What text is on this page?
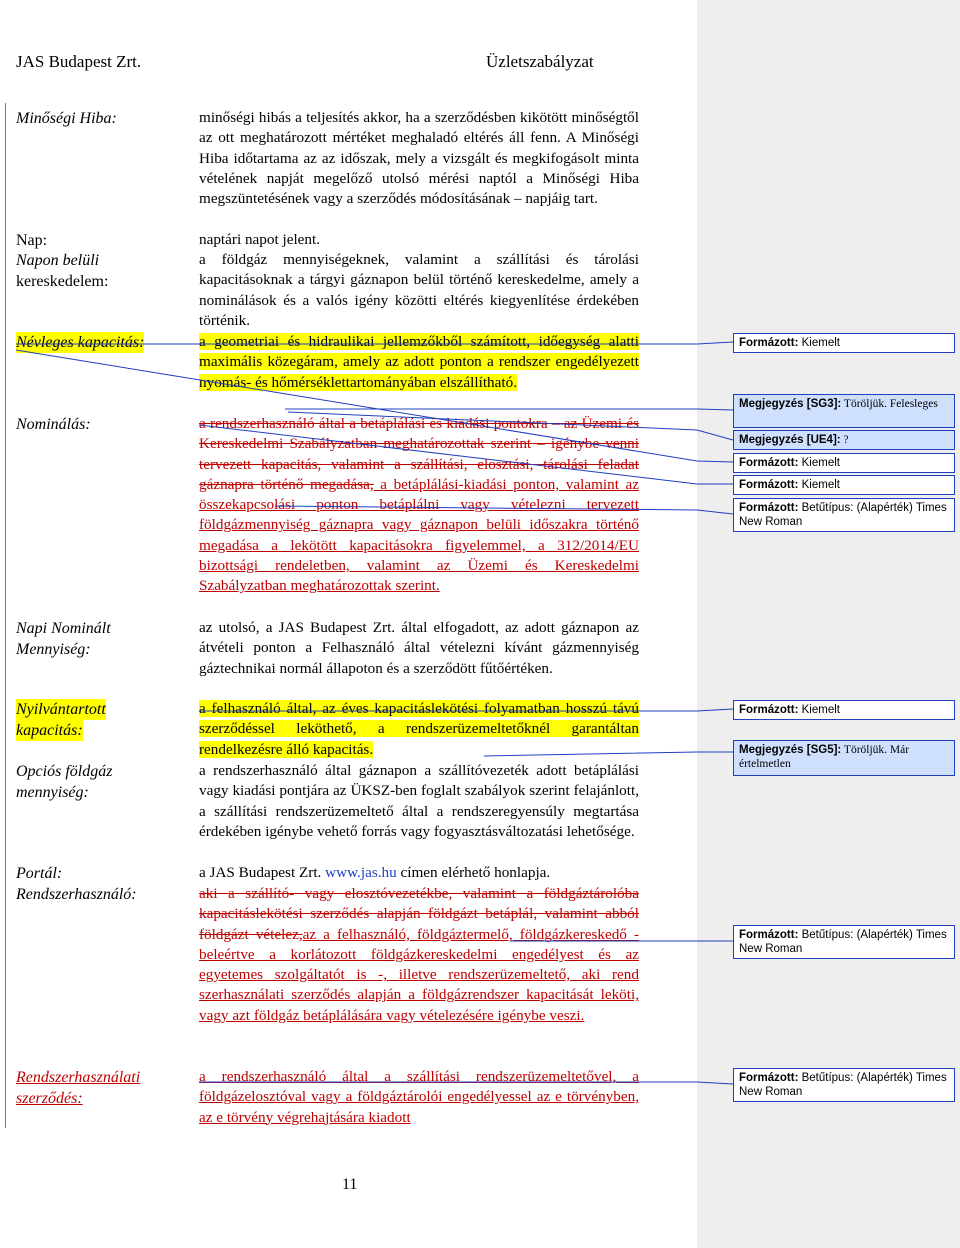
JAS Budapest Zrt.	Üzletszabályzat
Minőségi Hiba:
Nap:
Napon belüli
kereskedelem:
Névleges kapacitás:
Nominálás:
Napi Nominált
Mennyiség:
Nyilvántartott
kapacitás:
Opciós földgáz
mennyiség:
Portál:
Rendszerhasználó:
Rendszerhasználati
szerződés:

minőségi hibás a teljesítés akkor, ha a szerződésben kikötött minőségtől az ott meghatározott mértéket meghaladó eltérés áll fenn. A Minőségi Hiba időtartama az az időszak, mely a vizsgált és megkifogásolt minta vételének napját megelőző utolsó mérési naptól a Minőségi Hiba megszüntetésének vagy a szerződés módosításának – napjáig tart.

naptári napot jelent.

a földgáz mennyiségeknek, valamint a szállítási és tárolási kapacitásoknak a tárgyi gáznapon belül történő kereskedelme, amely a nominálások és a valós igény közötti eltérés kiegyenlítése érdekében történik.

a geometriai és hidraulikai jellemzőkből számított, időegység alatti maximális közegáram, amely az adott ponton a rendszer engedélyezett nyomás- és hőmérséklettartományában elszállítható.

a rendszerhasználó által a betáplálási és kiadási pontokra – az Üzemi és Kereskedelmi Szabályzatban meghatározottak szerint – igénybe venni tervezett kapacitás, valamint a szállítási, elosztási, tárolási feladat gáznapra történő megadása, a betáplálási-kiadási ponton, valamint az összekapcsolási ponton betáplálni vagy vételezni tervezett földgázmennyiség gáznapra vagy gáznapon belüli időszakra történő megadása a lekötött kapacitásokra figyelemmel, a 312/2014/EU bizottsági rendeletben, valamint az Üzemi és Kereskedelmi Szabályzatban meghatározottak szerint.

az utolsó, a JAS Budapest Zrt. által elfogadott, az adott gáznapon az átvételi ponton a Felhasználó által vételezni kívánt gázmennyiség gáztechnikai normál állapoton és a szerződött fűtőértéken.

a felhasználó által, az éves kapacitáslekötési folyamatban hosszú távú szerződéssel leköthető, a rendszerüzemeltetőknél garantáltan rendelkezésre álló kapacitás.

a rendszerhasználó által gáznapon a szállítóvezeték adott betáplálási vagy kiadási pontjára az ÜKSZ-ben foglalt szabályok szerint felajánlott, a szállítási rendszerüzemeltető által a rendszeregyensúly megtartása érdekében igénybe vehető forrás vagy fogyasztásváltozatási lehetősége.

a JAS Budapest Zrt. www.jas.hu címen elérhető honlapja.

aki a szállító- vagy elosztóvezetékbe, valamint a földgáztárolóba kapacitáslekötési szerződés alapján földgázt betáplál, valamint abból földgázt vételez,az a felhasználó, földgáztermelő, földgázkereskedő - beleértve a korlátozott földgázkereskedelmi engedélyest és az egyetemes szolgáltatót is -, illetve rendszerüzemeltető, aki rend szerhasználati szerződés alapján a földgázrendszer kapacitását leköti, vagy azt földgáz betáplálására vagy vételezésére igénybe veszi.

a rendszerhasználó által a szállítási rendszerüzemeltetővel, a földgázelosztóval vagy a földgáztárolói engedélyessel az e törvényben, az e törvény végrehajtására kiadott

Formázott: Kiemelt
Megjegyzés [SG3]: Töröljük. Felesleges
Megjegyzés [UE4]: ?
Formázott: Kiemelt
Formázott: Kiemelt
Formázott: Betűtípus: (Alapérték) Times New Roman
Formázott: Kiemelt
Megjegyzés [SG5]: Töröljük. Már értelmetlen
Formázott: Betűtípus: (Alapérték) Times New Roman
Formázott: Betűtípus: (Alapérték) Times New Roman
11
